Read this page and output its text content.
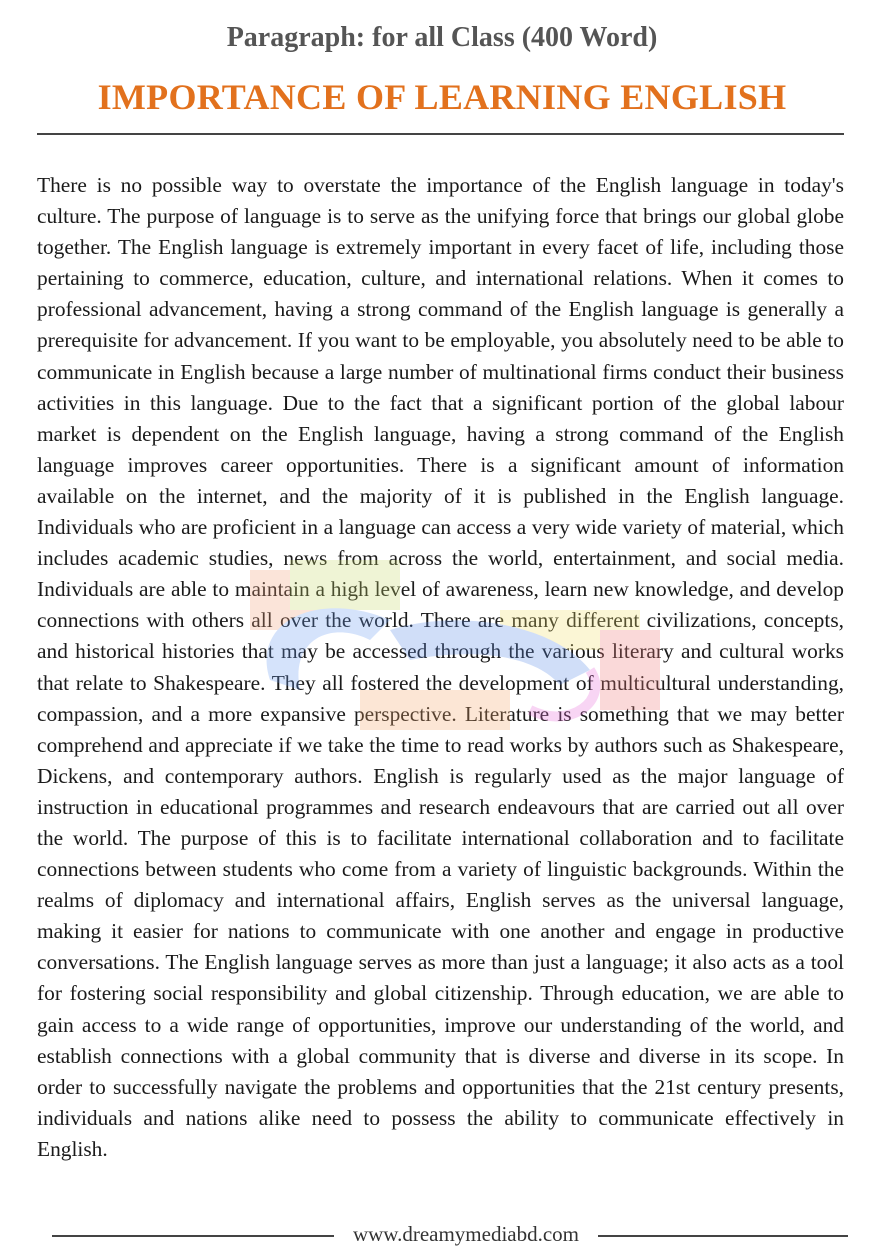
Paragraph: for all Class (400 Word)
IMPORTANCE OF LEARNING ENGLISH

There is no possible way to overstate the importance of the English language in today's culture. The purpose of language is to serve as the unifying force that brings our global globe together. The English language is extremely important in every facet of life, including those pertaining to commerce, education, culture, and international relations. When it comes to professional advancement, having a strong command of the English language is generally a prerequisite for advancement. If you want to be employable, you absolutely need to be able to communicate in English because a large number of multinational firms conduct their business activities in this language. Due to the fact that a significant portion of the global labour market is dependent on the English language, having a strong command of the English language improves career opportunities. There is a significant amount of information available on the internet, and the majority of it is published in the English language. Individuals who are proficient in a language can access a very wide variety of material, which includes academic studies, news from across the world, entertainment, and social media. Individuals are able to maintain a high level of awareness, learn new knowledge, and develop connections with others all over the world. There are many different civilizations, concepts, and historical histories that may be accessed through the various literary and cultural works that relate to Shakespeare. They all fostered the development of multicultural understanding, compassion, and a more expansive perspective. Literature is something that we may better comprehend and appreciate if we take the time to read works by authors such as Shakespeare, Dickens, and contemporary authors. English is regularly used as the major language of instruction in educational programmes and research endeavours that are carried out all over the world. The purpose of this is to facilitate international collaboration and to facilitate connections between students who come from a variety of linguistic backgrounds. Within the realms of diplomacy and international affairs, English serves as the universal language, making it easier for nations to communicate with one another and engage in productive conversations. The English language serves as more than just a language; it also acts as a tool for fostering social responsibility and global citizenship. Through education, we are able to gain access to a wide range of opportunities, improve our understanding of the world, and establish connections with a global community that is diverse and diverse in its scope. In order to successfully navigate the problems and opportunities that the 21st century presents, individuals and nations alike need to possess the ability to communicate effectively in English.

www.dreamymediabd.com
